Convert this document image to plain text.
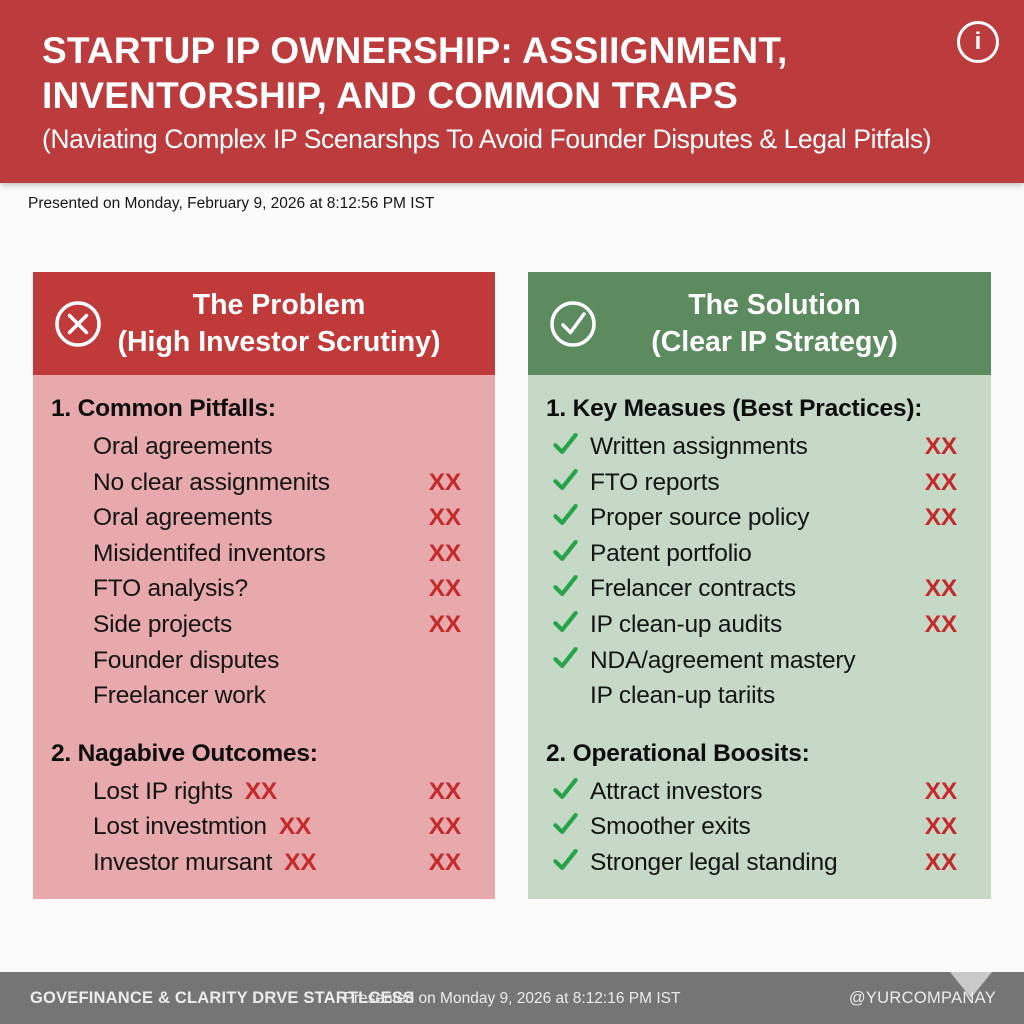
STARTUP IP OWNERSHIP: ASSIIGNMENT,
INVENTORSHIP, AND COMMON TRAPS
(Naviating Complex IP Scenarshps To Avoid Founder Disputes & Legal Pitfals)
i
Presented on Monday, February 9, 2026 at 8:12:56 PM IST
The Problem
(High Investor Scrutiny)
1. Common Pitfalls:
Oral agreements
No clear assignmenits	XX
Oral agreements	XX
Misidentifed inventors	XX
FTO analysis?	XX
Side projects	XX
Founder disputes
Freelancer work
2. Nagabive Outcomes:
Lost IP rights XX	XX
Lost investmtion XX	XX
Investor mursant XX	XX
The Solution
(Clear IP Strategy)
1. Key Measues (Best Practices):
Written assignments	XX
FTO reports	XX
Proper source policy	XX
Patent portfolio
Frelancer contracts	XX
IP clean-up audits	XX
NDA/agreement mastery
IP clean-up tariits
2. Operational Boosits:
Attract investors	XX
Smoother exits	XX
Stronger legal standing	XX
GOVEFINANCE & CLARITY DRVE STARTLCESS
Presented on Monday 9, 2026 at 8:12:16 PM IST	@YURCOMPANAY
